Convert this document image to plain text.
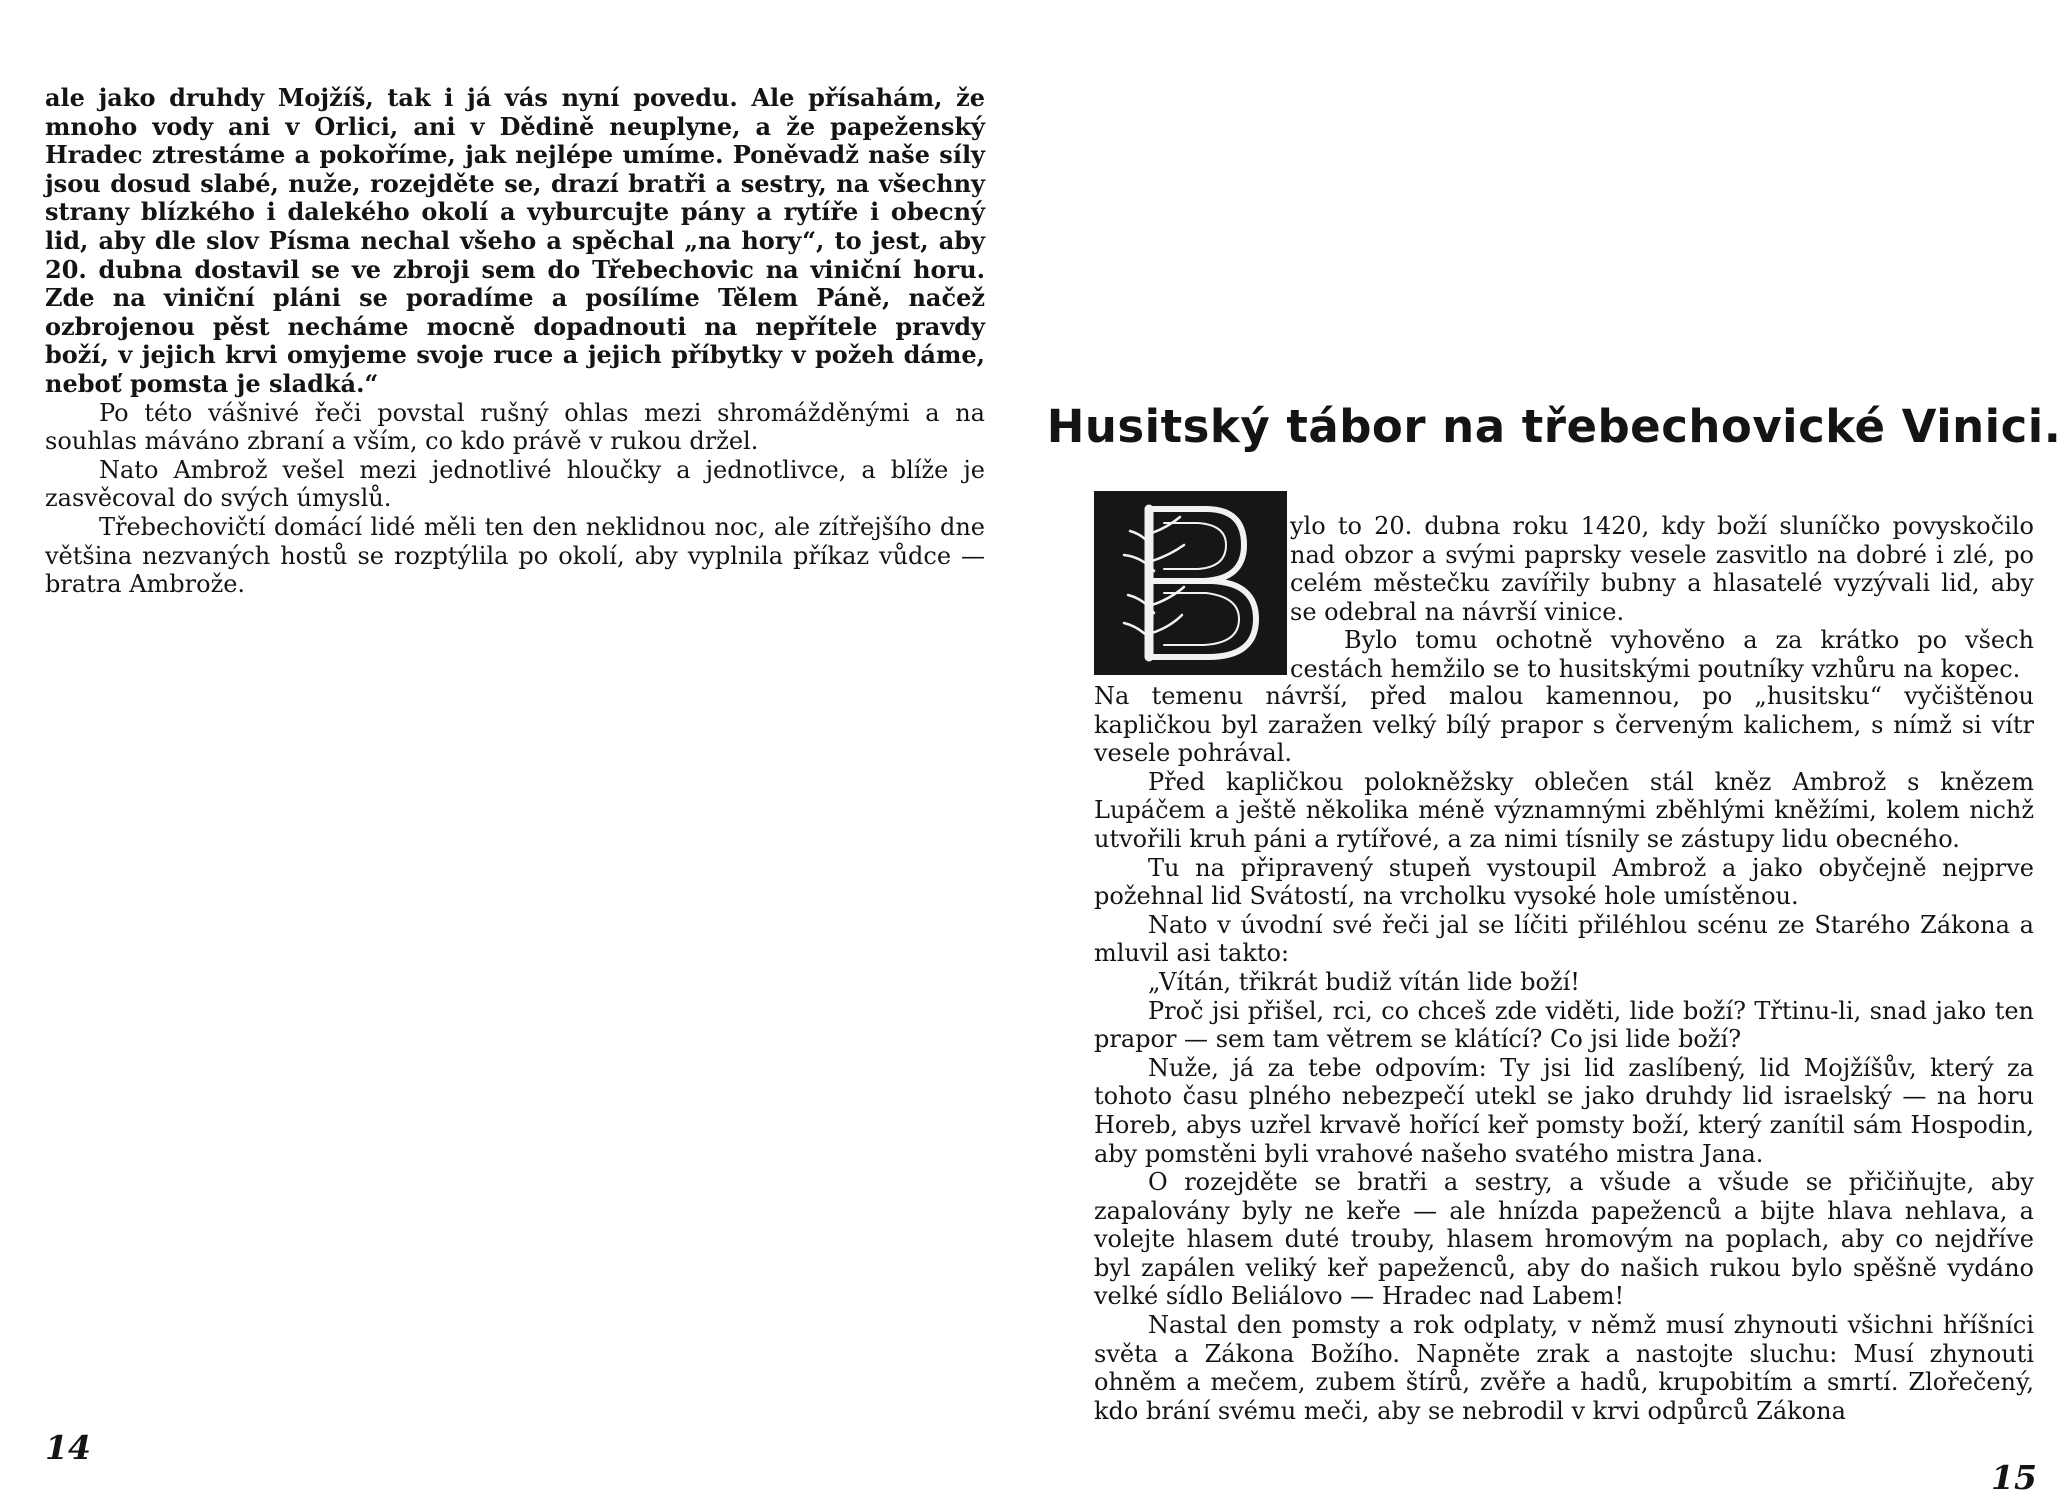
ale jako druhdy Mojžíš, tak i já vás nyní povedu. Ale přísahám, že mnoho vody ani v Orlici, ani v Dědině neuplyne, a že papeženský Hradec ztrestáme a pokoříme, jak nejlépe umíme. Poněvadž naše síly jsou dosud slabé, nuže, rozejděte se, drazí bratři a sestry, na všechny strany blízkého i dalekého okolí a vyburcujte pány a rytíře i obecný lid, aby dle slov Písma nechal všeho a spěchal „na hory“, to jest, aby 20. dubna dostavil se ve zbroji sem do Třebechovic na viniční horu. Zde na viniční pláni se poradíme a posílíme Tělem Páně, načež ozbrojenou pěst necháme mocně dopadnouti na nepřítele pravdy boží, v jejich krvi omyjeme svoje ruce a jejich příbytky v požeh dáme, neboť pomsta je sladká.“

Po této vášnivé řeči povstal rušný ohlas mezi shromážděnými a na souhlas máváno zbraní a vším, co kdo právě v rukou držel.

Nato Ambrož vešel mezi jednotlivé hloučky a jednotlivce, a blíže je zasvěcoval do svých úmyslů.

Třebechovičtí domácí lidé měli ten den neklidnou noc, ale zítřejšího dne většina nezvaných hostů se rozptýlila po okolí, aby vyplnila příkaz vůdce — bratra Ambrože.

14
Husitský tábor na třebechovické Vinici.
B

ylo to 20. dubna roku 1420, kdy boží sluníčko povyskočilo nad obzor a svými paprsky vesele zasvitlo na dobré i zlé, po celém městečku zavířily bubny a hlasatelé vyzývali lid, aby se odebral na návrší vinice.

Bylo tomu ochotně vyhověno a za krátko po všech cestách hemžilo se to husitskými poutníky vzhůru na kopec.

Na temenu návrší, před malou kamennou, po „husitsku“ vyčištěnou kapličkou byl zaražen velký bílý prapor s červeným kalichem, s nímž si vítr vesele pohrával.

Před kapličkou polokněžsky oblečen stál kněz Ambrož s knězem Lupáčem a ještě několika méně významnými zběhlými kněžími, kolem nichž utvořili kruh páni a rytířové, a za nimi tísnily se zástupy lidu obecného.

Tu na připravený stupeň vystoupil Ambrož a jako obyčejně nejprve požehnal lid Svátostí, na vrcholku vysoké hole umístěnou.

Nato v úvodní své řeči jal se líčiti přiléhlou scénu ze Starého Zákona a mluvil asi takto:

„Vítán, třikrát budiž vítán lide boží!

Proč jsi přišel, rci, co chceš zde viděti, lide boží? Třtinu-li, snad jako ten prapor — sem tam větrem se klátící? Co jsi lide boží?

Nuže, já za tebe odpovím: Ty jsi lid zaslíbený, lid Mojžíšův, který za tohoto času plného nebezpečí utekl se jako druhdy lid israelský — na horu Horeb, abys uzřel krvavě hořící keř pomsty boží, který zanítil sám Hospodin, aby pomstěni byli vrahové našeho svatého mistra Jana.

O rozejděte se bratři a sestry, a všude a všude se přičiňujte, aby zapalovány byly ne keře — ale hnízda papeženců a bijte hlava nehlava, a volejte hlasem duté trouby, hlasem hromovým na poplach, aby co nejdříve byl zapálen veliký keř papeženců, aby do našich rukou bylo spěšně vydáno velké sídlo Beliálovo — Hradec nad Labem!

Nastal den pomsty a rok odplaty, v němž musí zhynouti všichni hříšníci světa a Zákona Božího. Napněte zrak a nastojte sluchu: Musí zhynouti ohněm a mečem, zubem štírů, zvěře a hadů, krupobitím a smrtí. Zlořečený, kdo brání svému meči, aby se nebrodil v krvi odpůrců Zákona

15
